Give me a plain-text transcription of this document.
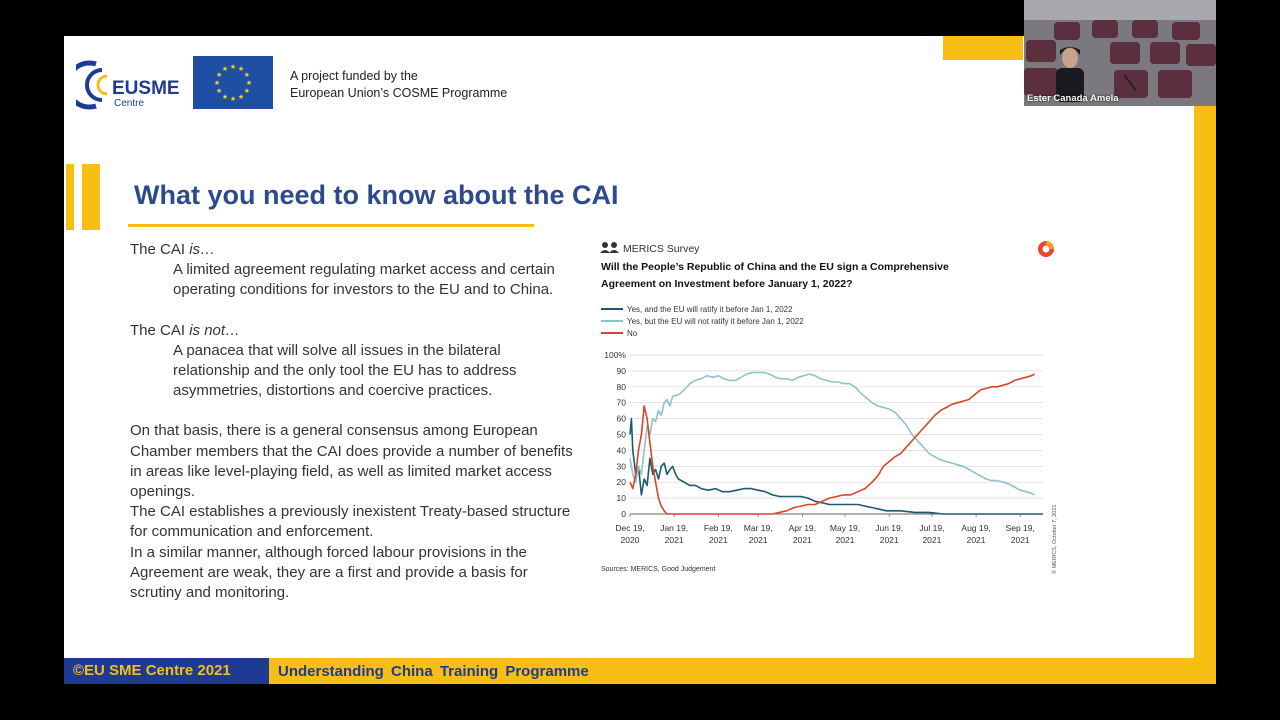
EUSME
Centre
★
★
★
★
★
★
★
★
★ ★ ★
★	A project funded by the
European Union’s COSME Programme
What you need to know about the CAI

The CAI is…

A limited agreement regulating market access and certain operating conditions for investors to the EU and to China.

The CAI is not…

A panacea that will solve all issues in the bilateral relationship and the only tool the EU has to address asymmetries, distortions and coercive practices.

On that basis, there is a general consensus among European Chamber members that the CAI does provide a number of benefits in areas like level-playing field, as well as limited market access openings.

The CAI establishes a previously inexistent Treaty-based structure for communication and enforcement.

In a similar manner, although forced labour provisions in the Agreement are weak, they are a first and provide a basis for scrutiny and monitoring.

MERICS Survey
Will the People’s Republic of China and the EU sign a Comprehensive Agreement on Investment before January 1, 2022?
Yes, and the EU will ratify it before Jan 1, 2022
Yes, but the EU will not ratify it before Jan 1, 2022
No
0
10
20
30
40
50
60
70
80
90
100%
Dec 19,
2020
Jan 19,
2021
Feb 19,
2021
Mar 19,
2021
Apr 19,
2021
May 19,
2021
Jun 19,
2021
Jul 19,
2021
Aug 19,
2021
Sep 19,
2021
Sources: MERICS, Good Judgement	© MERICS, October 7, 2021
Ester Canada Amela
©EU SME Centre 2021	Understanding China Training Programme
